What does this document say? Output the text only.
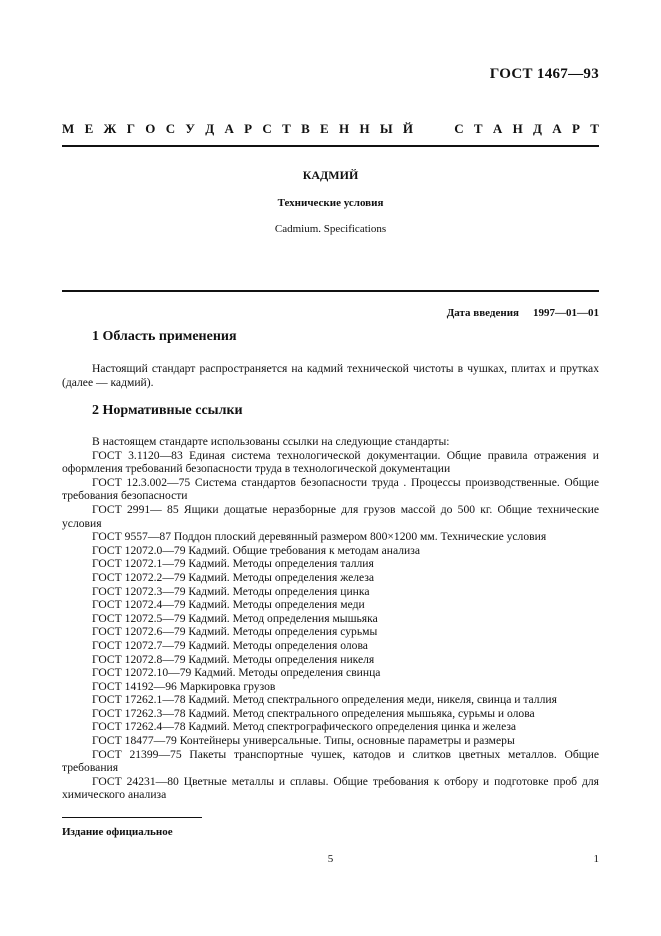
ГОСТ 1467—93
М Е Ж Г О С У Д А Р С Т В Е Н Н Ы Й	С Т А Н Д А Р Т
КАДМИЙ
Технические условия
Cadmium. Specifications
Дата введения 1997—01—01
1 Область применения
Настоящий стандарт распространяется на кадмий технической чистоты в чушках, плитах и прутках (далее — кадмий).
2 Нормативные ссылки
В настоящем стандарте использованы ссылки на следующие стандарты:
ГОСТ 3.1120—83 Единая система технологической документации. Общие правила отражения и оформления требований безопасности труда в технологической документации
ГОСТ 12.3.002—75 Система стандартов безопасности труда . Процессы производственные. Общие требования безопасности
ГОСТ 2991— 85 Ящики дощатые неразборные для грузов массой до 500 кг. Общие технические условия
ГОСТ 9557—87 Поддон плоский деревянный размером 800×1200 мм. Технические условия
ГОСТ 12072.0—79 Кадмий. Общие требования к методам анализа
ГОСТ 12072.1—79 Кадмий. Методы определения таллия
ГОСТ 12072.2—79 Кадмий. Методы определения железа
ГОСТ 12072.3—79 Кадмий. Методы определения цинка
ГОСТ 12072.4—79 Кадмий. Методы определения меди
ГОСТ 12072.5—79 Кадмий. Метод определения мышьяка
ГОСТ 12072.6—79 Кадмий. Методы определения сурьмы
ГОСТ 12072.7—79 Кадмий. Методы определения олова
ГОСТ 12072.8—79 Кадмий. Методы определения никеля
ГОСТ 12072.10—79 Кадмий. Методы определения свинца
ГОСТ 14192—96 Маркировка грузов
ГОСТ 17262.1—78 Кадмий. Метод спектрального определения меди, никеля, свинца и таллия
ГОСТ 17262.3—78 Кадмий. Метод спектрального определения мышьяка, сурьмы и олова
ГОСТ 17262.4—78 Кадмий. Метод спектрографического определения цинка и железа
ГОСТ 18477—79 Контейнеры универсальные. Типы, основные параметры и размеры
ГОСТ 21399—75 Пакеты транспортные чушек, катодов и слитков цветных металлов. Общие требования
ГОСТ 24231—80 Цветные металлы и сплавы. Общие требования к отбору и подготовке проб для химического анализа
Издание официальное
5	1
